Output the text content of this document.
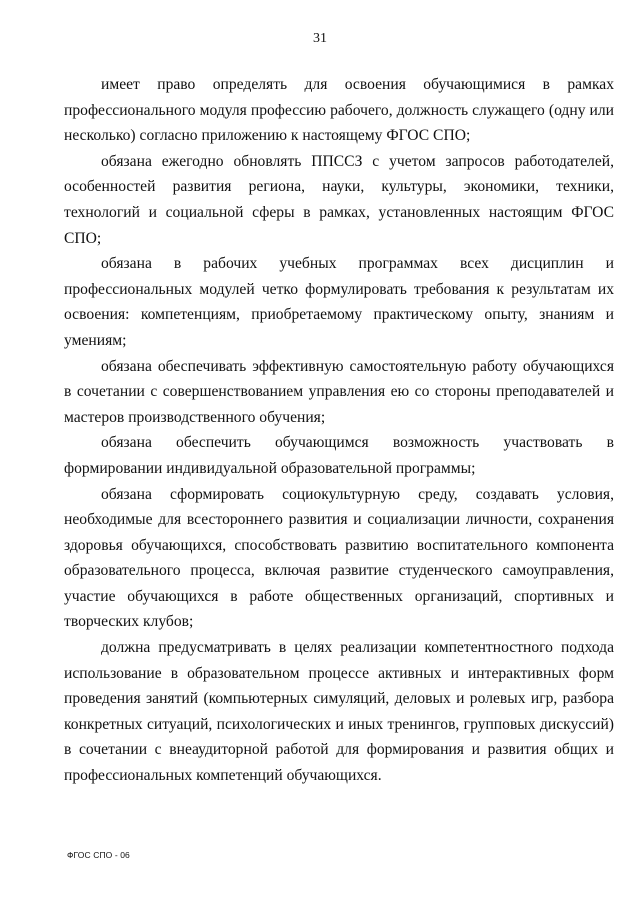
31

имеет право определять для освоения обучающимися в рамках профессионального модуля профессию рабочего, должность служащего (одну или несколько) согласно приложению к настоящему ФГОС СПО;

обязана ежегодно обновлять ППССЗ с учетом запросов работодателей, особенностей развития региона, науки, культуры, экономики, техники, технологий и социальной сферы в рамках, установленных настоящим ФГОС СПО;

обязана в рабочих учебных программах всех дисциплин и профессиональных модулей четко формулировать требования к результатам их освоения: компетенциям, приобретаемому практическому опыту, знаниям и умениям;

обязана обеспечивать эффективную самостоятельную работу обучающихся в сочетании с совершенствованием управления ею со стороны преподавателей и мастеров производственного обучения;

обязана обеспечить обучающимся возможность участвовать в формировании индивидуальной образовательной программы;

обязана сформировать социокультурную среду, создавать условия, необходимые для всестороннего развития и социализации личности, сохранения здоровья обучающихся, способствовать развитию воспитательного компонента образовательного процесса, включая развитие студенческого самоуправления, участие обучающихся в работе общественных организаций, спортивных и творческих клубов;

должна предусматривать в целях реализации компетентностного подхода использование в образовательном процессе активных и интерактивных форм проведения занятий (компьютерных симуляций, деловых и ролевых игр, разбора конкретных ситуаций, психологических и иных тренингов, групповых дискуссий) в сочетании с внеаудиторной работой для формирования и развития общих и профессиональных компетенций обучающихся.

ФГОС СПО - 06
